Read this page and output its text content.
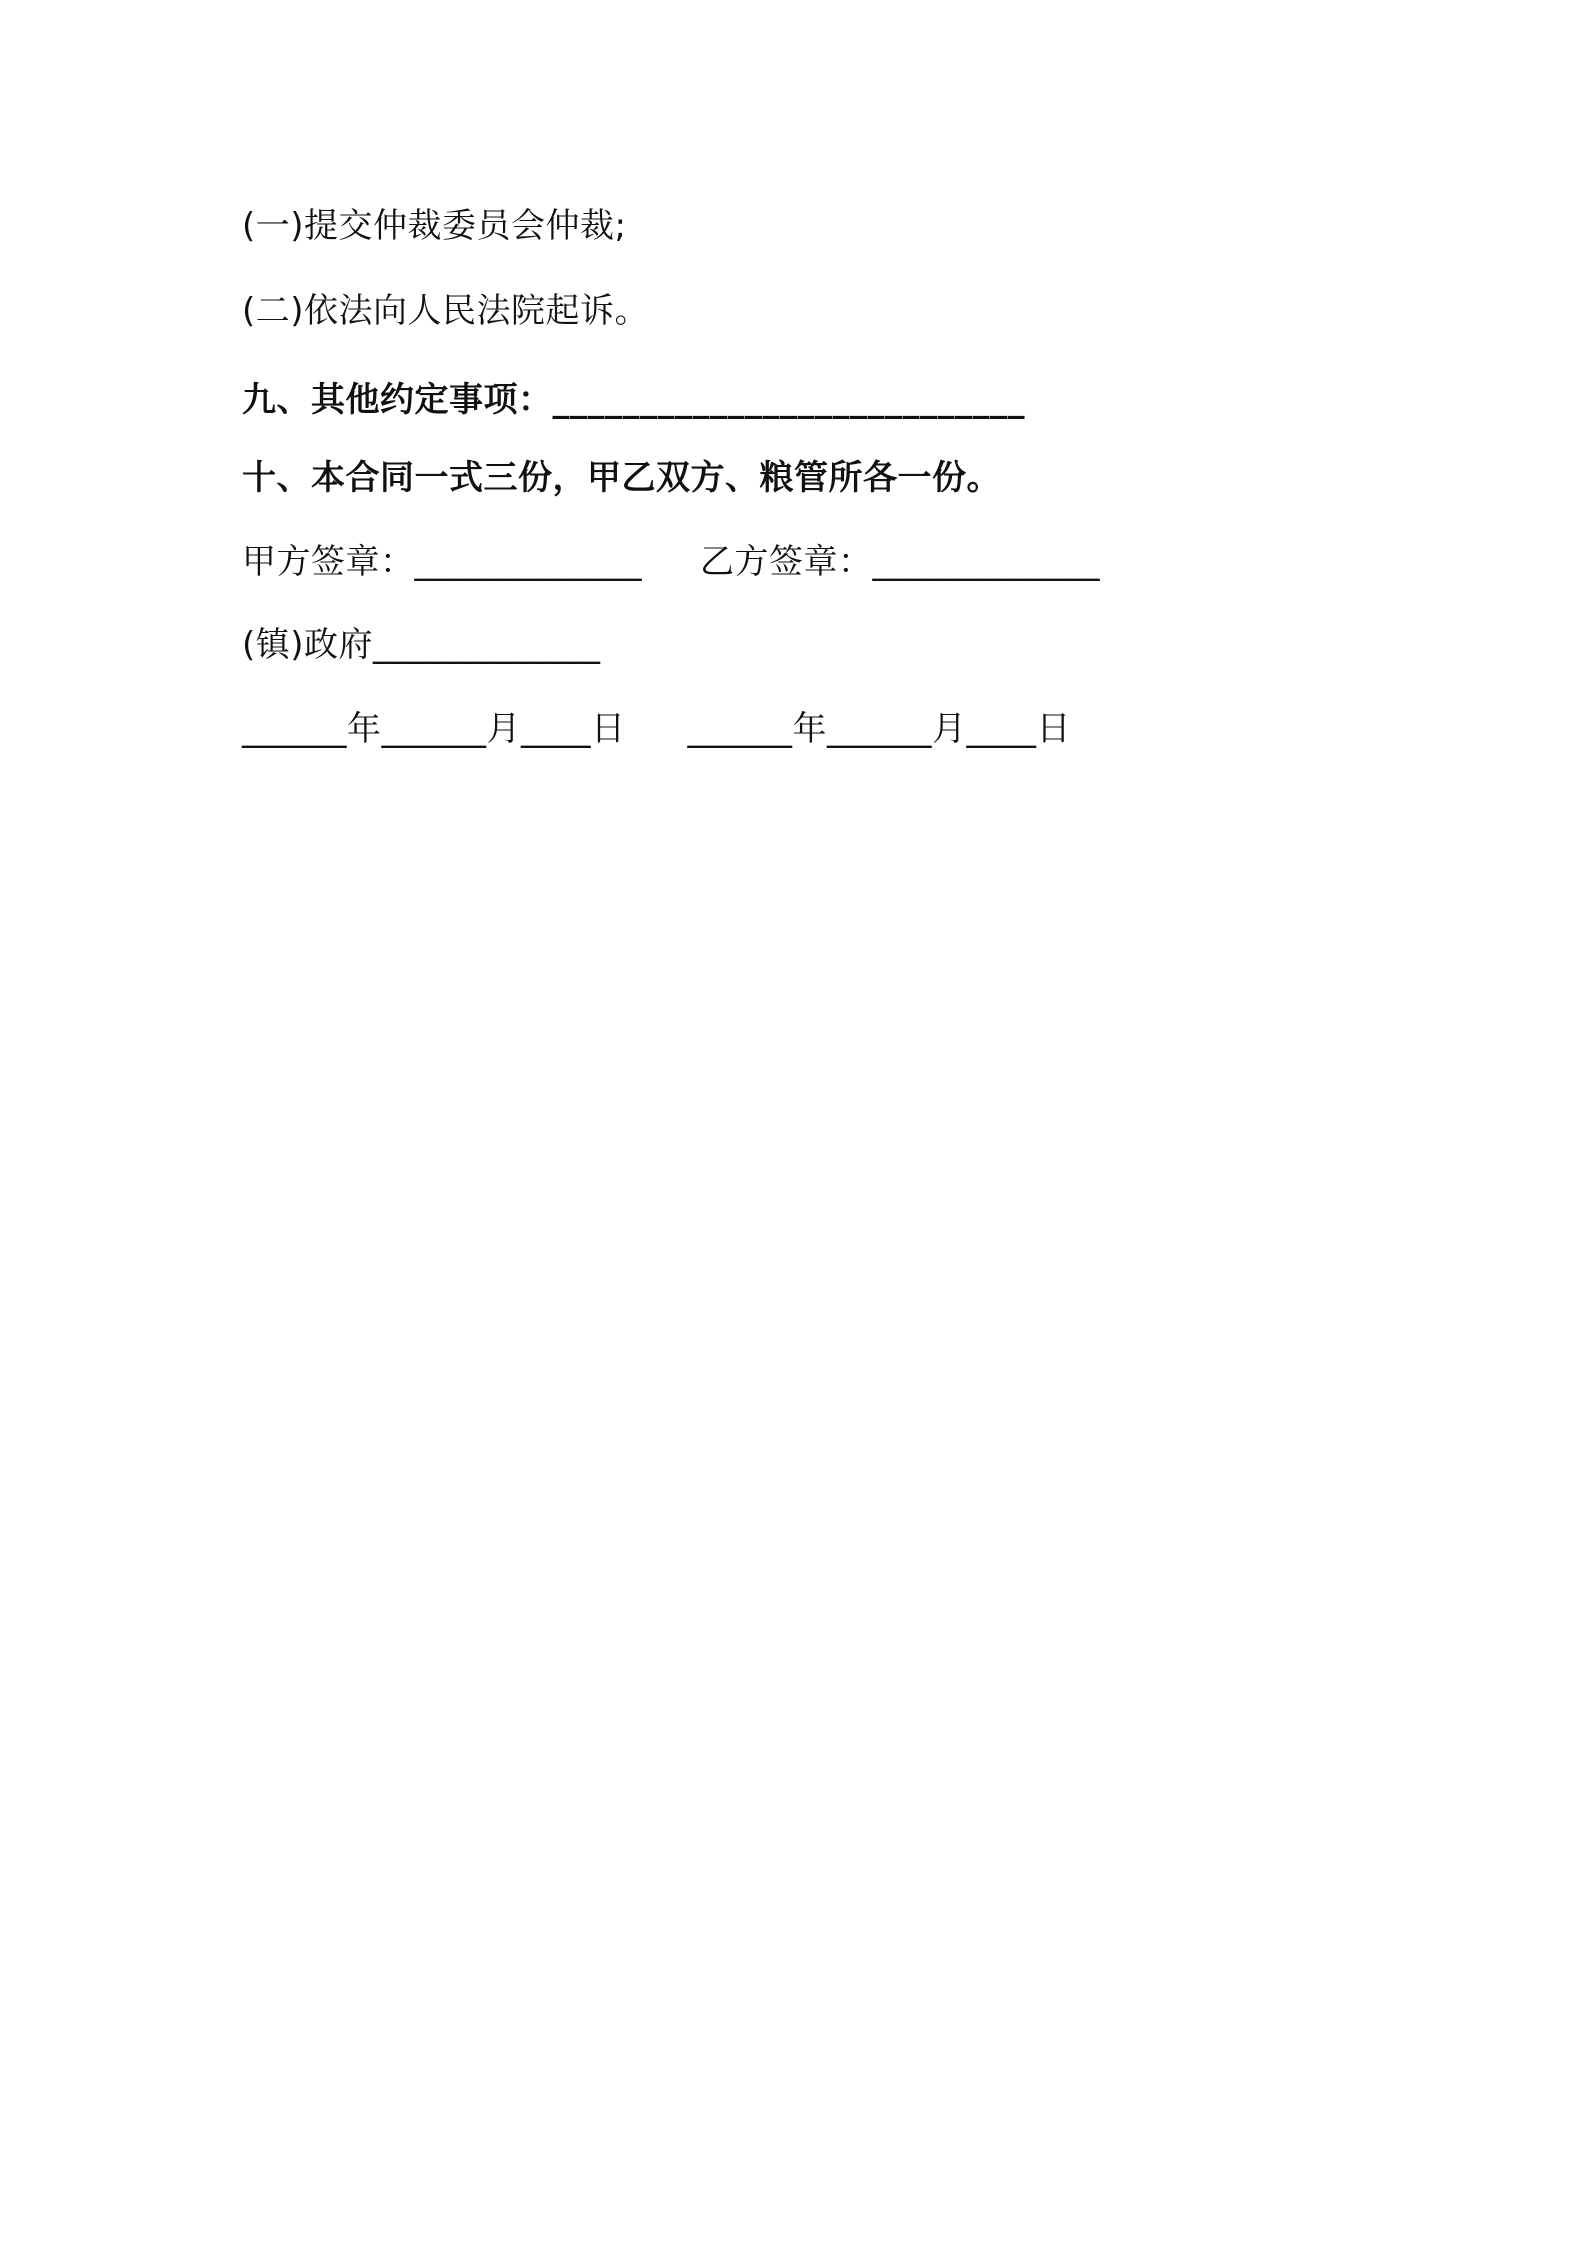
(一)提交仲裁委员会仲裁;
(二)依法向人民法院起诉。
九、其他约定事项：___________________________
十、本合同一式三份，甲乙双方、粮管所各一份。
甲方签章：_____________ 乙方签章：_____________
(镇)政府_____________
______年______月____日 ______年______月____日
